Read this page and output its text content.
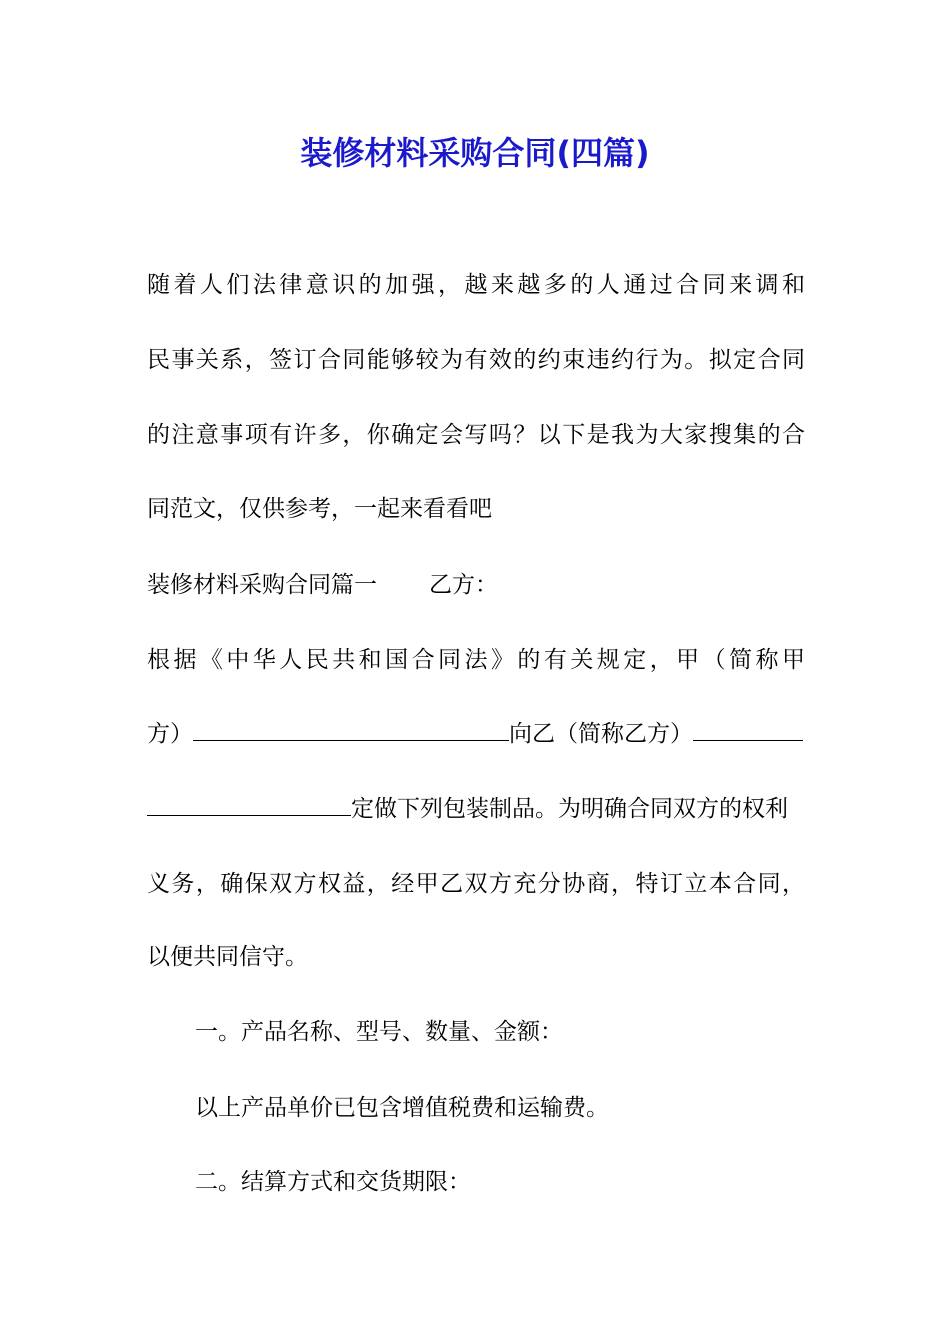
装修材料采购合同(四篇)

随着人们法律意识的加强，越来越多的人通过合同来调和

民事关系，签订合同能够较为有效的约束违约行为。拟定合同

的注意事项有许多，你确定会写吗？以下是我为大家搜集的合

同范文，仅供参考，一起来看看吧

装修材料采购合同篇一 乙方：

根据《中华人民共和国合同法》的有关规定，甲（简称甲

方）	向乙（简称乙方）

定做下列包装制品。为明确合同双方的权利

义务，确保双方权益，经甲乙双方充分协商，特订立本合同，

以便共同信守。

一。产品名称、型号、数量、金额：

以上产品单价已包含增值税费和运输费。

二。结算方式和交货期限：
